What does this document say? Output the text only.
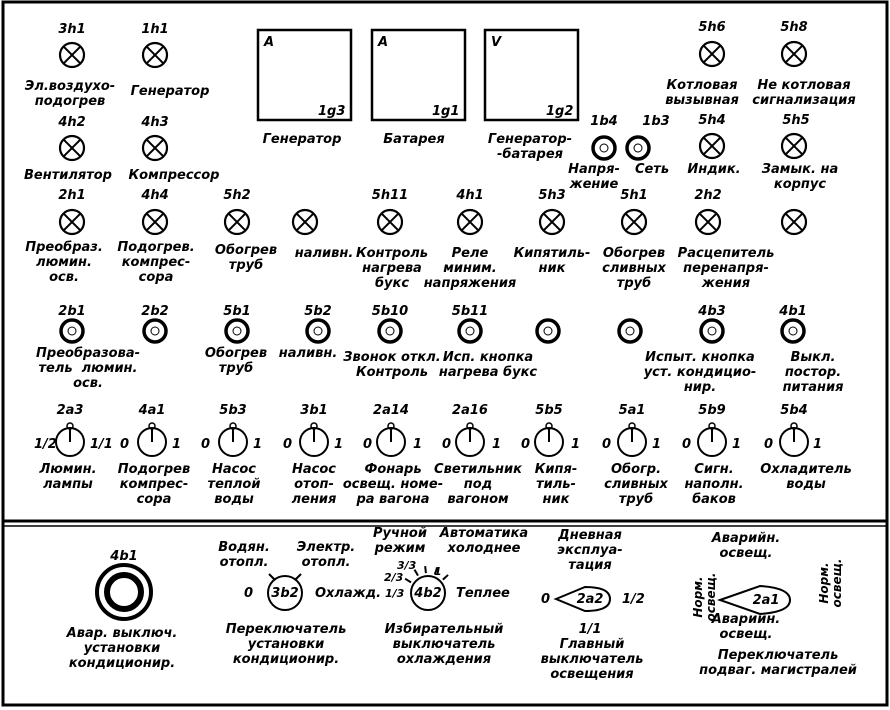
3h1
Эл.воздухо-
подогрев
1h1
Генератор
4h2
Вентилятор
4h3
Компрессор
5h6
Котловая
вызывная
5h8
Не котловая
сигнализация
5h4
Индик.
5h5
Замык. на
корпус
2h1
Преобраз.
люмин.
осв.
4h4
Подогрев.
компрес-
сора
5h2
Обогрев
труб
наливн.
5h11
Контроль
нагрева
букс
4h1
Реле
миним.
напряжения
5h3
Кипятиль-
ник
5h1
Обогрев
сливных
труб
2h2
Расцепитель
перенапря-
жения
A
1g3
Генератор
A
1g1
Батарея
V
1g2
Генератор-
-батарея
1b4
Напря-
жение
1b3
Сеть
2b1
Преобразова-
тель  люмин.
осв.
2b2	5b1
Обогрев
труб
5b2
наливн.
5b10
Звонок откл.
Контроль
5b11
Исп. кнопка
нагрева букс
4b3
Испыт. кнопка
уст. кондицио-
нир.
4b1
Выкл.
постор.
питания
2a3
1/2	1/1
Люмин.
лампы
4a1
0	1
Подогрев
компрес-
сора
5b3
0	1
Насос
теплой
воды
3b1
0	1
Насос
отоп-
ления
2a14
0	1
Фонарь
освещ. номе-
ра вагона
2a16
0	1
Светильник
под
вагоном
5b5
0	1
Кипя-
тиль-
ник
5a1
0	1
Обогр.
сливных
труб
5b9
0	1
Сигн.
наполн.
баков
5b4
0	1
Охладитель
воды
4b1
Авар. выключ.
установки
кондиционир.
Водян.
отопл.
Электр.
отопл.
0 3b2 Охлажд.
Переключатель
установки
кондиционир.
Ручной
режим
Автоматика
холоднее
3/3
2/3
1/3 4b2
1
Теплее
Избирательный
выключатель
охлаждения
Дневная
эксплуа-
тация
0 2a2 1/2
1/1
Главный
выключатель
освещения
Аварийн.
освещ.
Норм.
освещ.	Норм.
освещ.
2a1
Аварийн.
освещ.
Переключатель
подваг. магистралей
